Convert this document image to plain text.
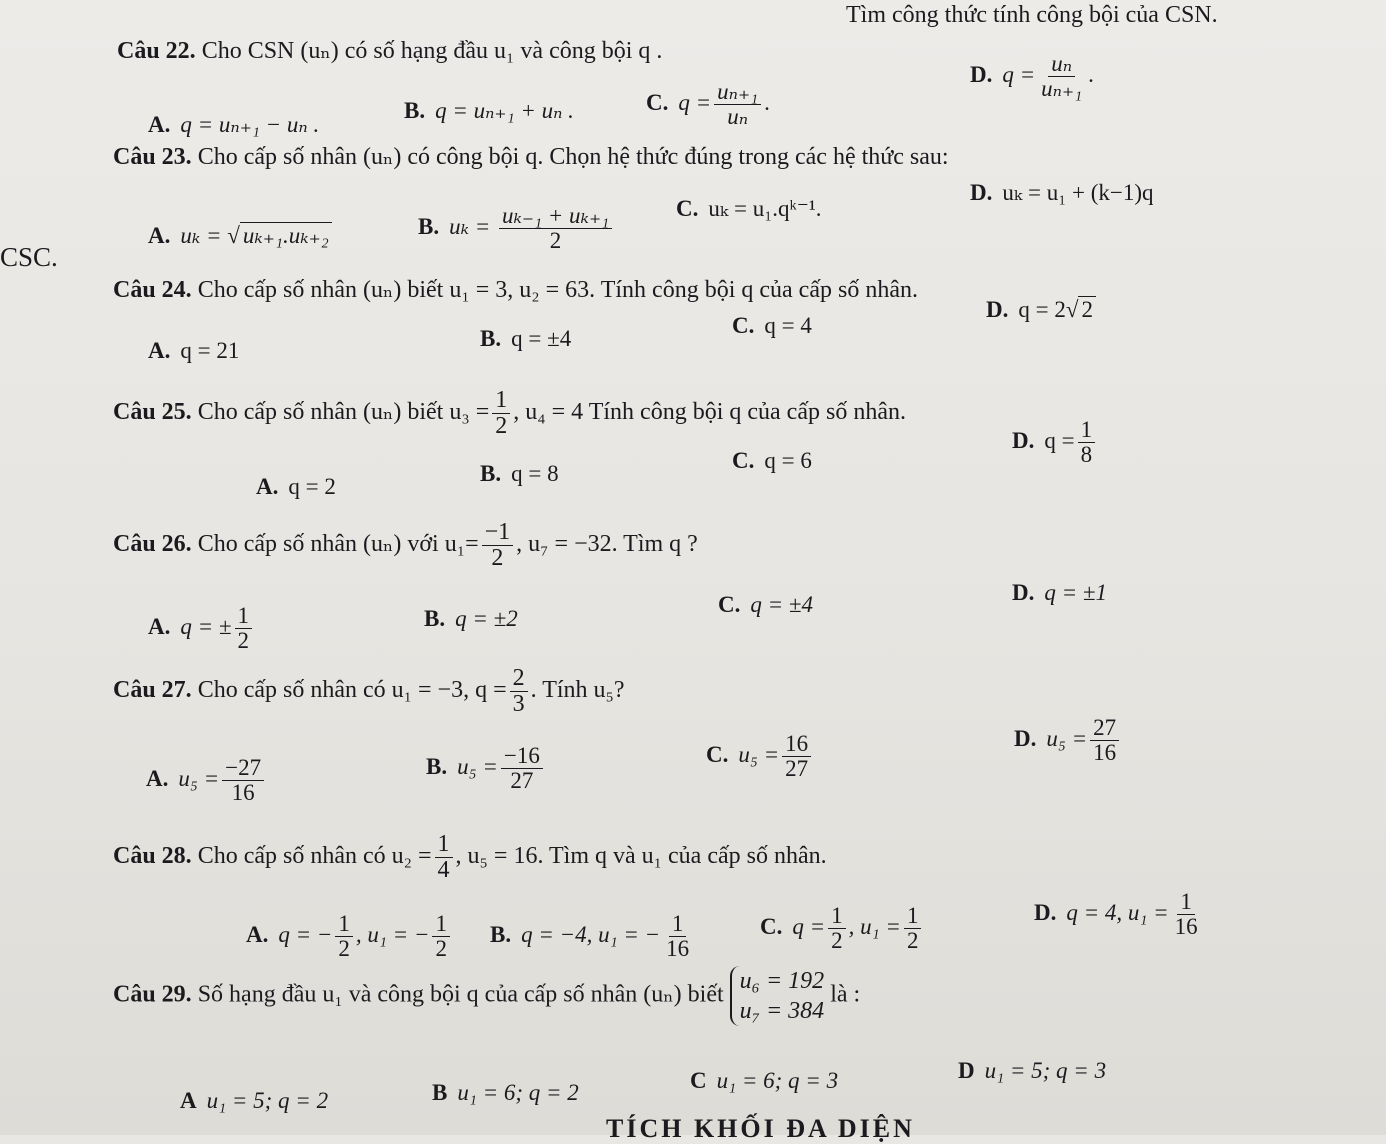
Tìm công thức tính công bội của CSN.
Câu 22. Cho CSN (uₙ) có số hạng đầu u₁ và công bội q .
A. q = uₙ₊₁ − uₙ .
B. q = uₙ₊₁ + uₙ .	C. $q = \frac{\text{uₙ₊₁}}{\text{uₙ}}$ .
D. $q = \frac{\text{uₙ}}{\text{uₙ₊₁}}$ .
Câu 23. Cho cấp số nhân (uₙ) có công bội q. Chọn hệ thức đúng trong các hệ thức sau:
CSC.
A. uₖ = √ uₖ₊₁.uₖ₊₂	B. $u_k = \frac{\text{uₖ₋₁ + uₖ₊₁}}{2}$	C. uₖ = u₁.qᵏ⁻¹.
D. uₖ = u₁ + (k−1)q
Câu 24. Cho cấp số nhân (uₙ) biết u₁ = 3, u₂ = 63. Tính công bội q của cấp số nhân.
A. q = 21	B. q = ±4
C. q = 4
D. q = 2√ 2
Câu 25. Cho cấp số nhân (uₙ) biết $u_3 = \frac{1}{2}$ , u₄ = 4 Tính công bội q của cấp số nhân.
A. q = 2
B. q = 8
C. q = 6
D. $q = \frac{1}{8}$
Câu 26. Cho cấp số nhân (uₙ) với $u_1= \frac{-1}{2}$ , u₇ = −32. Tìm q ?
A. q = ± $\frac{1}{2}$	B. q = ±2
C. q = ±4	D. q = ±1
Câu 27. Cho cấp số nhân có u₁ = −3, $q = \frac{2}{3}$ . Tính u₅?
A. $u_5 = \frac{-27}{16}$	B. $u_5 = \frac{-16}{27}$	C. $u_5 = \frac{16}{27}$	D. $u_5 = \frac{27}{16}$
Câu 28. Cho cấp số nhân có $u_2 = \frac{1}{4}$ , u₅ = 16. Tìm q và u₁ của cấp số nhân.
A. q = − $\frac{1}{2}$ , u₁ = − $\frac{1}{2} B$. q = −4, u₁ = − $\frac{1}{16}$	C. $q = \frac{1}{2}$ , $u_1 = \frac{1}{2}$	D. q = 4, $u_1 = \frac{1}{16}$
Câu 29. Số hạng đầu u₁ và công bội q của cấp số nhân (uₙ) biết
u₆ = 192
u₇ = 384
là :
A u₁ = 5; q = 2	B u₁ = 6; q = 2	C u₁ = 6; q = 3	D u₁ = 5; q = 3
TÍCH KHỐI ĐA DIỆN
